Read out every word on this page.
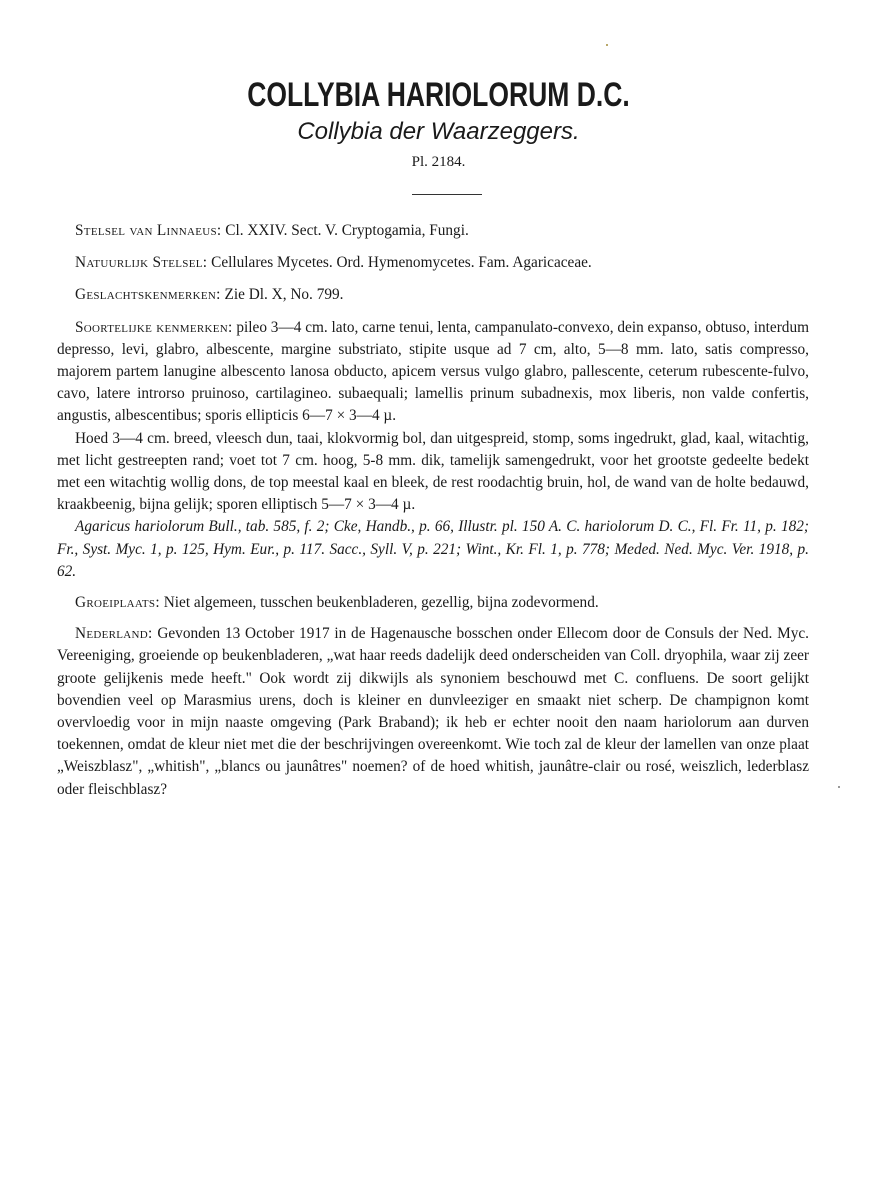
COLLYBIA HARIOLORUM D.C.
Collybia der Waarzeggers.
Pl. 2184.

Stelsel van Linnaeus: Cl. XXIV. Sect. V. Cryptogamia, Fungi.

Natuurlijk Stelsel: Cellulares Mycetes. Ord. Hymenomycetes. Fam. Agaricaceae.

Geslachtskenmerken: Zie Dl. X, No. 799.

Soortelijke kenmerken: pileo 3—4 cm. lato, carne tenui, lenta, campanulato-convexo, dein expanso, obtuso, interdum depresso, levi, glabro, albescente, margine substriato, stipite usque ad 7 cm, alto, 5—8 mm. lato, satis compresso, majorem partem lanugine albescento lanosa obducto, apicem versus vulgo glabro, pallescente, ceterum rubescente-fulvo, cavo, latere introrso pruinoso, cartilagineo. subaequali; lamellis prinum subadnexis, mox liberis, non valde confertis, angustis, albescentibus; sporis ellipticis 6—7 × 3—4 µ.

Hoed 3—4 cm. breed, vleesch dun, taai, klokvormig bol, dan uitgespreid, stomp, soms ingedrukt, glad, kaal, witachtig, met licht gestreepten rand; voet tot 7 cm. hoog, 5-8 mm. dik, tamelijk samengedrukt, voor het grootste gedeelte bedekt met een witachtig wollig dons, de top meestal kaal en bleek, de rest roodachtig bruin, hol, de wand van de holte bedauwd, kraakbeenig, bijna gelijk; sporen elliptisch 5—7 × 3—4 µ.

Agaricus hariolorum Bull., tab. 585, f. 2; Cke, Handb., p. 66, Illustr. pl. 150 A. C. hariolorum D. C., Fl. Fr. 11, p. 182; Fr., Syst. Myc. 1, p. 125, Hym. Eur., p. 117. Sacc., Syll. V, p. 221; Wint., Kr. Fl. 1, p. 778; Meded. Ned. Myc. Ver. 1918, p. 62.

Groeiplaats: Niet algemeen, tusschen beukenbladeren, gezellig, bijna zodevormend.

Nederland: Gevonden 13 October 1917 in de Hagenausche bosschen onder Ellecom door de Consuls der Ned. Myc. Vereeniging, groeiende op beukenbladeren, „wat haar reeds dadelijk deed onderscheiden van Coll. dryophila, waar zij zeer groote gelijkenis mede heeft." Ook wordt zij dikwijls als synoniem beschouwd met C. confluens. De soort gelijkt bovendien veel op Marasmius urens, doch is kleiner en dunvleeziger en smaakt niet scherp. De champignon komt overvloedig voor in mijn naaste omgeving (Park Braband); ik heb er echter nooit den naam hariolorum aan durven toekennen, omdat de kleur niet met die der beschrijvingen overeenkomt. Wie toch zal de kleur der lamellen van onze plaat „Weiszblasz", „whitish", „blancs ou jaunâtres" noemen? of de hoed whitish, jaunâtre-clair ou rosé, weiszlich, lederblasz oder fleischblasz?
